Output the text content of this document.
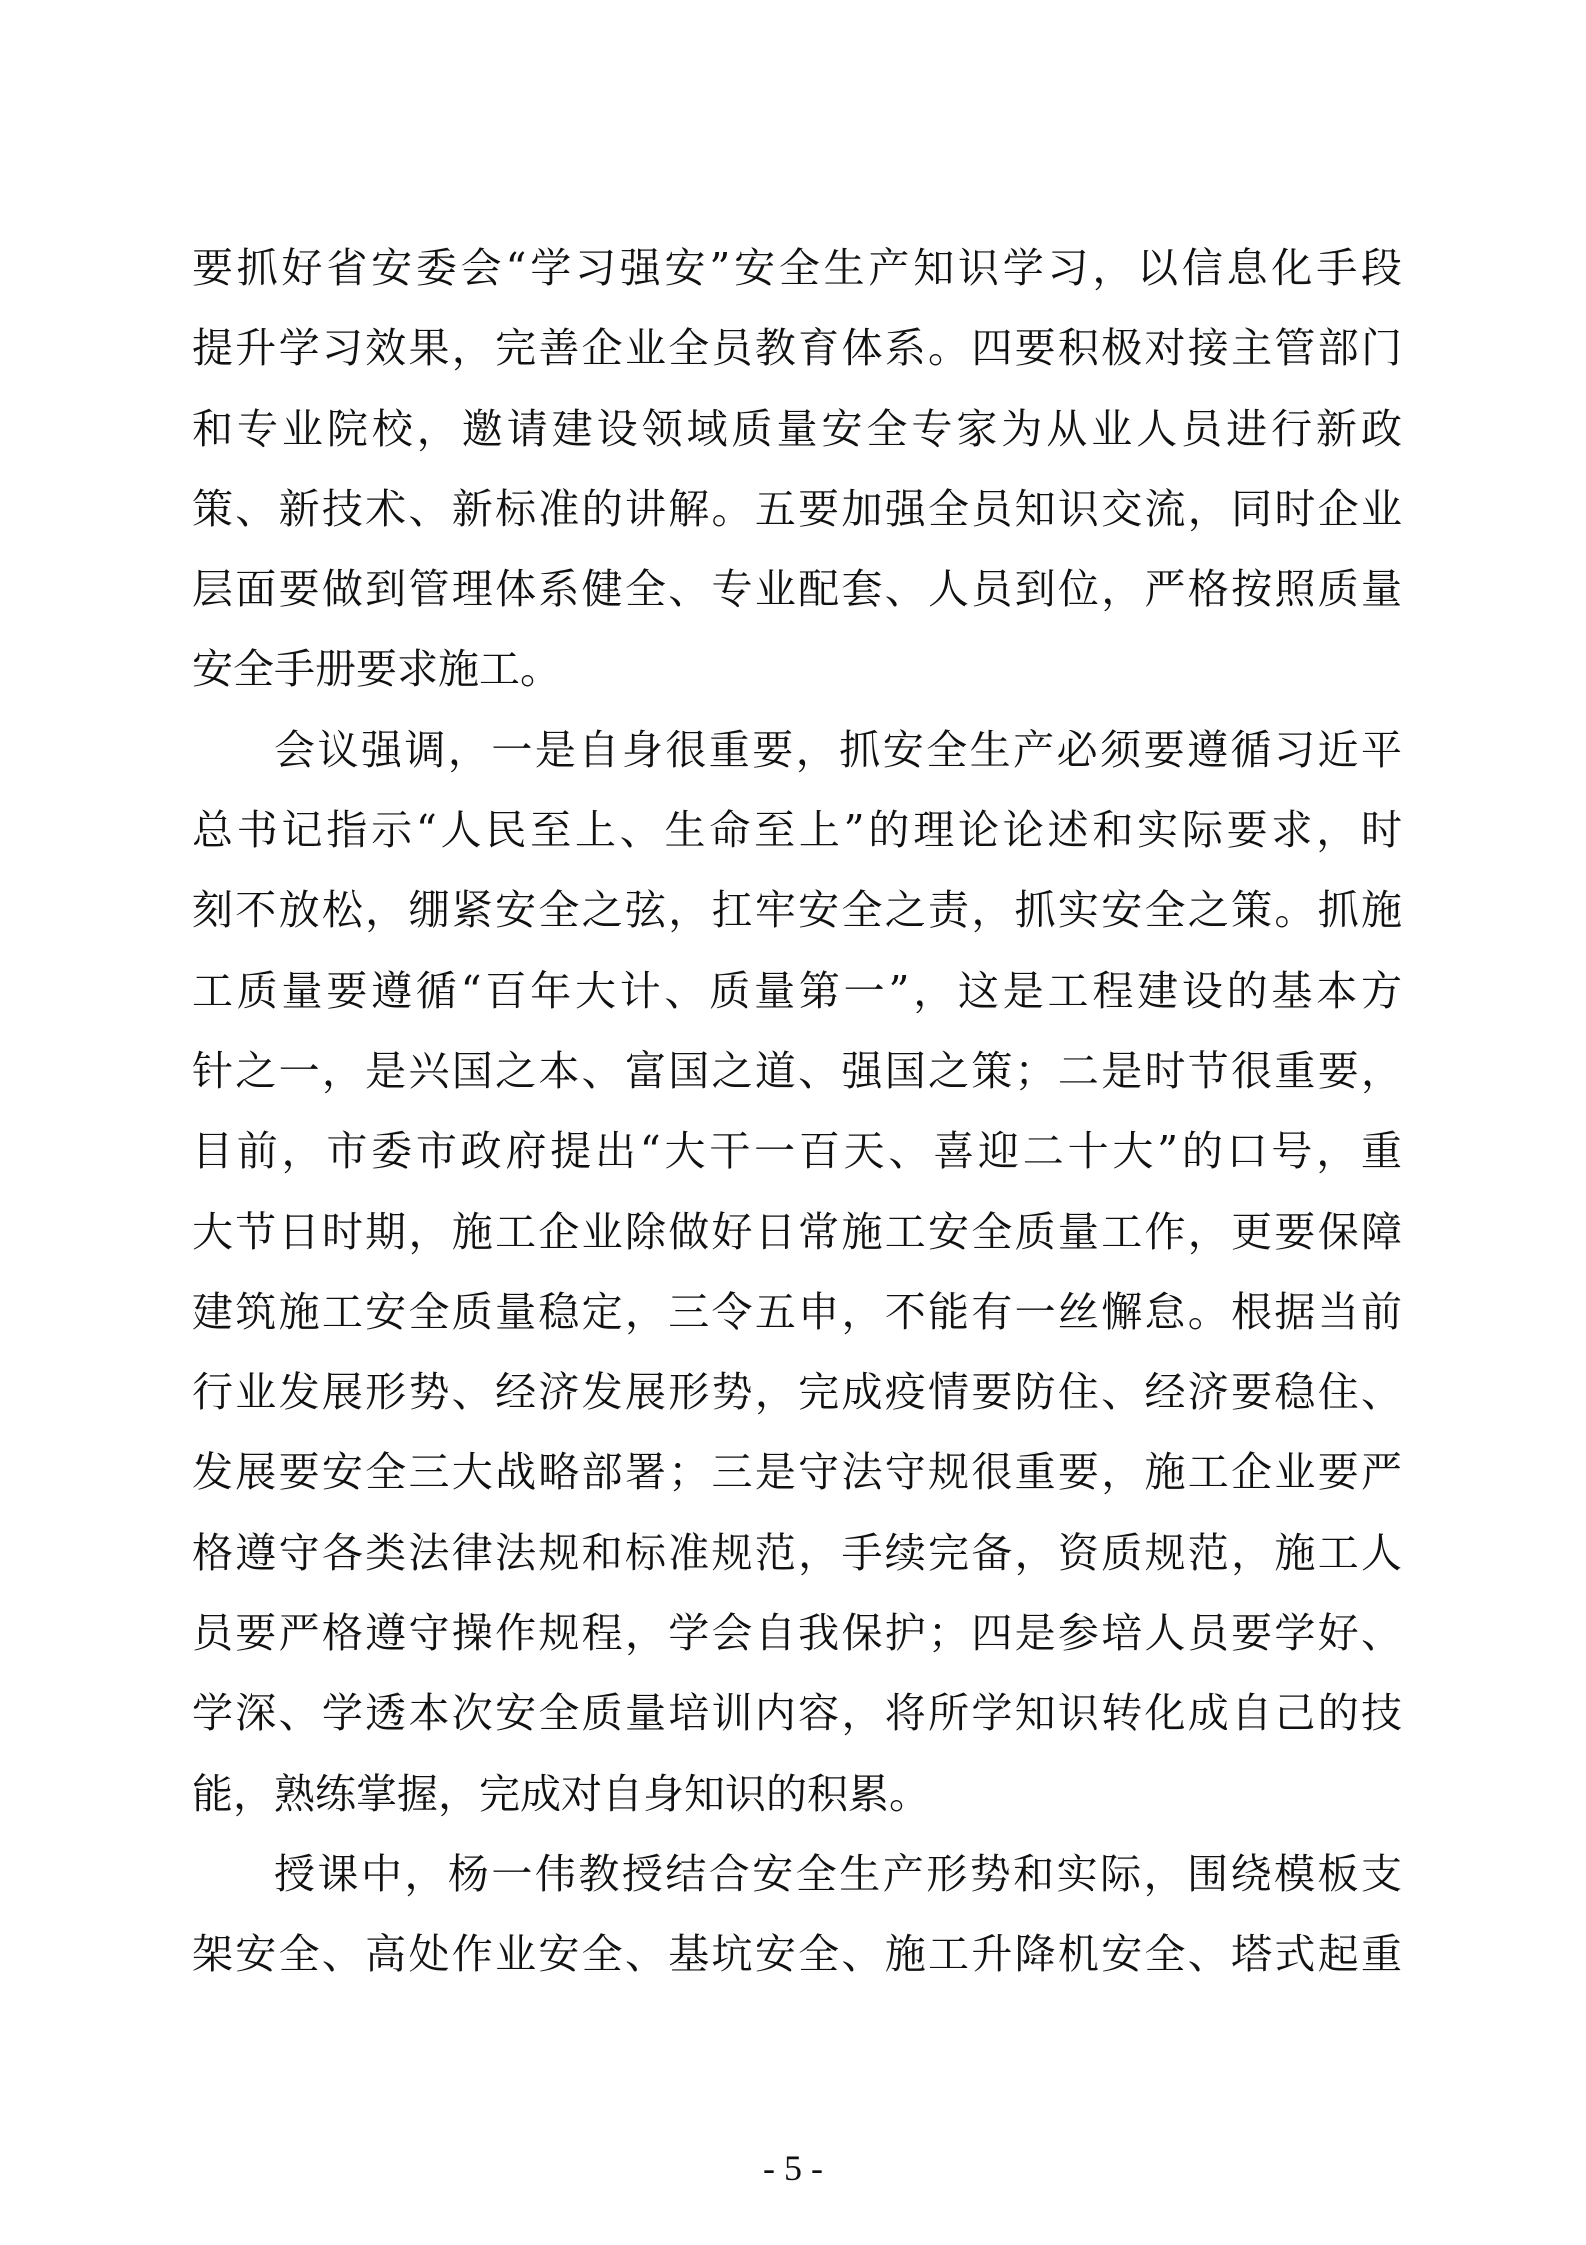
要抓好省安委会“学习强安”安全生产知识学习，以信息化手段
提升学习效果，完善企业全员教育体系。四要积极对接主管部门
和专业院校，邀请建设领域质量安全专家为从业人员进行新政
策、新技术、新标准的讲解。五要加强全员知识交流，同时企业
层面要做到管理体系健全、专业配套、人员到位，严格按照质量
安全手册要求施工。
会议强调，一是自身很重要，抓安全生产必须要遵循习近平
总书记指示“人民至上、生命至上”的理论论述和实际要求，时
刻不放松，绷紧安全之弦，扛牢安全之责，抓实安全之策。抓施
工质量要遵循“百年大计、质量第一”，这是工程建设的基本方
针之一，是兴国之本、富国之道、强国之策；二是时节很重要，
目前，市委市政府提出“大干一百天、喜迎二十大”的口号，重
大节日时期，施工企业除做好日常施工安全质量工作，更要保障
建筑施工安全质量稳定，三令五申，不能有一丝懈怠。根据当前
行业发展形势、经济发展形势，完成疫情要防住、经济要稳住、
发展要安全三大战略部署；三是守法守规很重要，施工企业要严
格遵守各类法律法规和标准规范，手续完备，资质规范，施工人
员要严格遵守操作规程，学会自我保护；四是参培人员要学好、
学深、学透本次安全质量培训内容，将所学知识转化成自己的技
能，熟练掌握，完成对自身知识的积累。
授课中，杨一伟教授结合安全生产形势和实际，围绕模板支
架安全、高处作业安全、基坑安全、施工升降机安全、塔式起重
- 5 -
